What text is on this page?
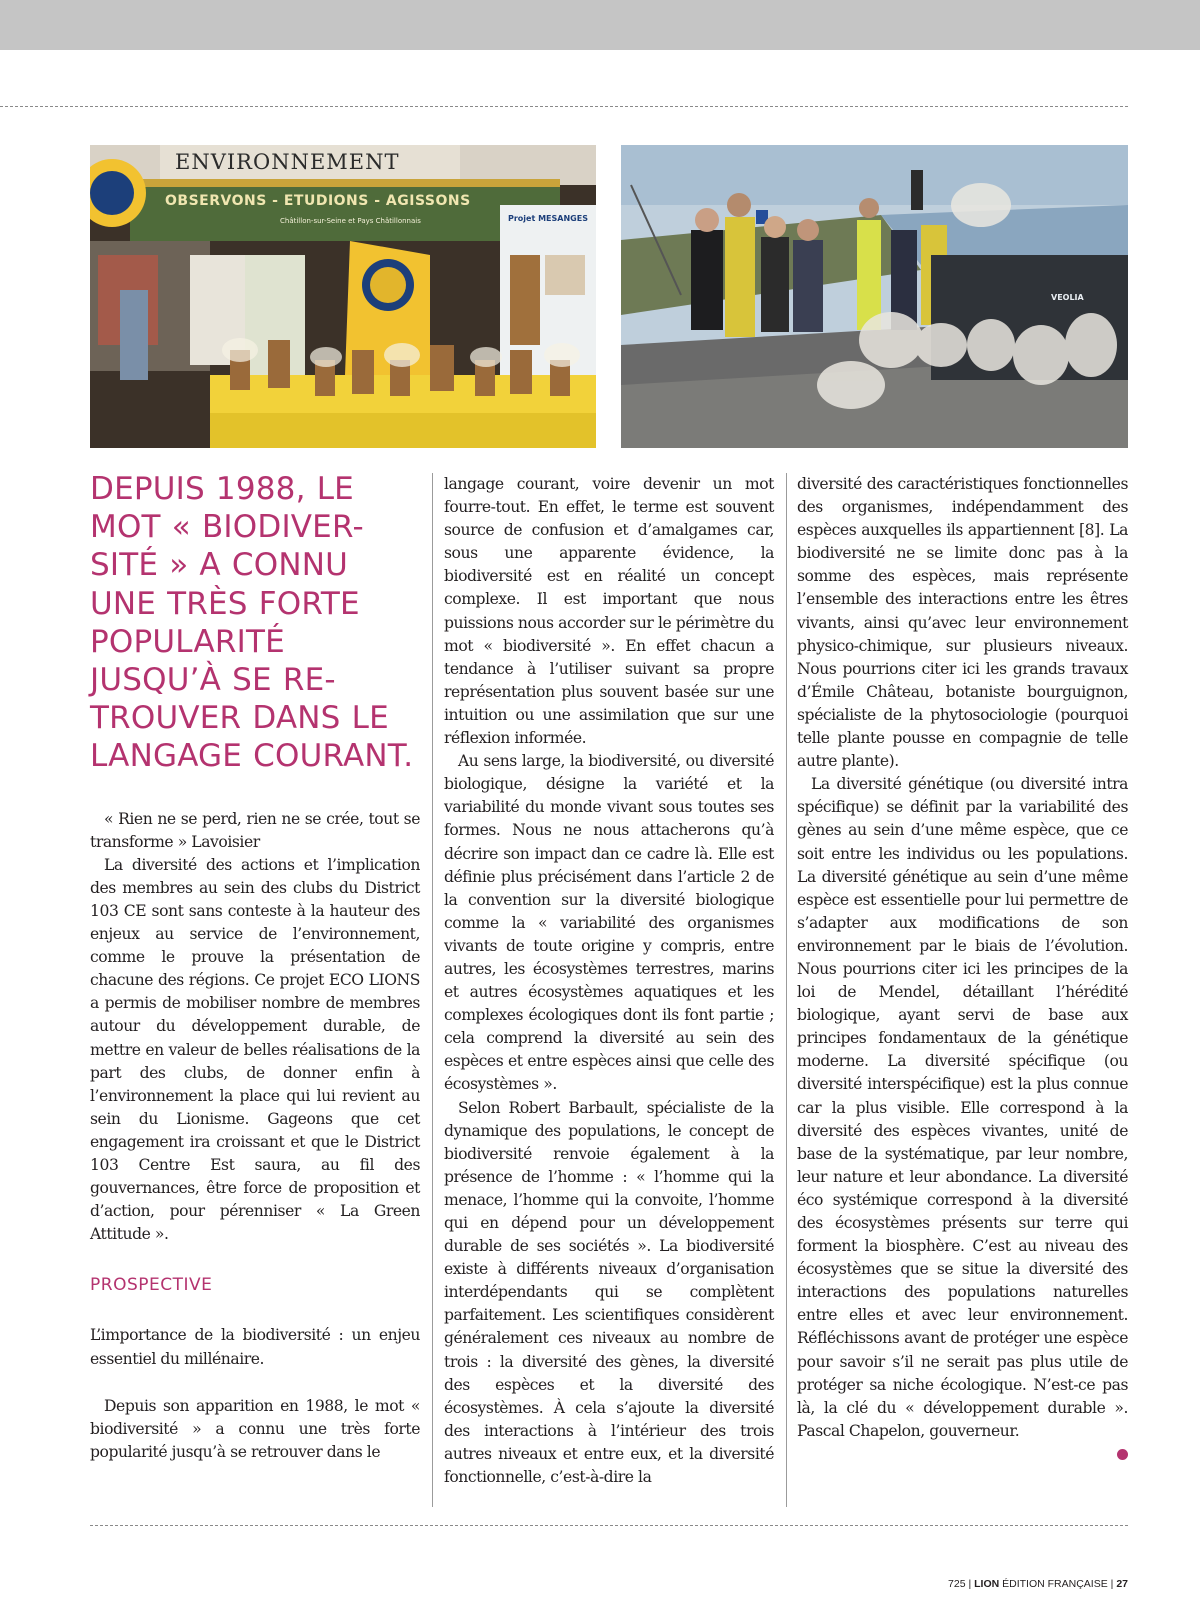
ENVIRONNEMENT
OBSERVONS - ETUDIONS - AGISSONS
Châtillon-sur-Seine et Pays Châtillonnais	Projet MESANGES
VEOLIA
DEPUIS 1988, LE MOT « BIODIVER-SITÉ » A CONNU UNE TRÈS FORTE POPULARITÉ JUSQU’À SE RE-TROUVER DANS LE LANGAGE COURANT.

« Rien ne se perd, rien ne se crée, tout se transforme » Lavoisier

La diversité des actions et l’implication des membres au sein des clubs du District 103 CE sont sans conteste à la hauteur des enjeux au service de l’environnement, comme le prouve la présentation de chacune des régions. Ce projet ECO LIONS a permis de mobiliser nombre de membres autour du développement durable, de mettre en valeur de belles réalisations de la part des clubs, de donner enfin à l’environnement la place qui lui revient au sein du Lionisme. Gageons que cet engagement ira croissant et que le District 103 Centre Est saura, au fil des gouvernances, être force de proposition et d’action, pour pérenniser « La Green Attitude ».

PROSPECTIVE

L’importance de la biodiversité : un enjeu essentiel du millénaire.

Depuis son apparition en 1988, le mot « biodiversité » a connu une très forte popularité jusqu’à se retrouver dans le

langage courant, voire devenir un mot fourre-tout. En effet, le terme est souvent source de confusion et d’amalgames car, sous une apparente évidence, la biodiversité est en réalité un concept complexe. Il est important que nous puissions nous accorder sur le périmètre du mot « biodiversité ». En effet chacun a tendance à l’utiliser suivant sa propre représentation plus souvent basée sur une intuition ou une assimilation que sur une réflexion informée.

Au sens large, la biodiversité, ou diversité biologique, désigne la variété et la variabilité du monde vivant sous toutes ses formes. Nous ne nous attacherons qu’à décrire son impact dan ce cadre là. Elle est définie plus précisément dans l’article 2 de la convention sur la diversité biologique comme la « variabilité des organismes vivants de toute origine y compris, entre autres, les écosystèmes terrestres, marins et autres écosystèmes aquatiques et les complexes écologiques dont ils font partie ; cela comprend la diversité au sein des espèces et entre espèces ainsi que celle des écosystèmes ».

Selon Robert Barbault, spécialiste de la dynamique des populations, le concept de biodiversité renvoie également à la présence de l’homme : « l’homme qui la menace, l’homme qui la convoite, l’homme qui en dépend pour un développement durable de ses sociétés ». La biodiversité existe à différents niveaux d’organisation interdépendants qui se complètent parfaitement. Les scientifiques considèrent généralement ces niveaux au nombre de trois : la diversité des gènes, la diversité des espèces et la diversité des écosystèmes. À cela s’ajoute la diversité des interactions à l’intérieur des trois autres niveaux et entre eux, et la diversité fonctionnelle, c’est-à-dire la

diversité des caractéristiques fonctionnelles des organismes, indépendamment des espèces auxquelles ils appartiennent [8]. La biodiversité ne se limite donc pas à la somme des espèces, mais représente l’ensemble des interactions entre les êtres vivants, ainsi qu’avec leur environnement physico-chimique, sur plusieurs niveaux. Nous pourrions citer ici les grands travaux d’Émile Château, botaniste bourguignon, spécialiste de la phytosociologie (pourquoi telle plante pousse en compagnie de telle autre plante).

La diversité génétique (ou diversité intra spécifique) se définit par la variabilité des gènes au sein d’une même espèce, que ce soit entre les individus ou les populations. La diversité génétique au sein d’une même espèce est essentielle pour lui permettre de s’adapter aux modifications de son environnement par le biais de l’évolution. Nous pourrions citer ici les principes de la loi de Mendel, détaillant l’hérédité biologique, ayant servi de base aux principes fondamentaux de la génétique moderne. La diversité spécifique (ou diversité interspécifique) est la plus connue car la plus visible. Elle correspond à la diversité des espèces vivantes, unité de base de la systématique, par leur nombre, leur nature et leur abondance. La diversité éco systémique correspond à la diversité des écosystèmes présents sur terre qui forment la biosphère. C’est au niveau des écosystèmes que se situe la diversité des interactions des populations naturelles entre elles et avec leur environnement. Réfléchissons avant de protéger une espèce pour savoir s’il ne serait pas plus utile de protéger sa niche écologique. N’est-ce pas là, la clé du « développement durable ». Pascal Chapelon, gouverneur.

725 | LION ÉDITION FRANÇAISE | 27
